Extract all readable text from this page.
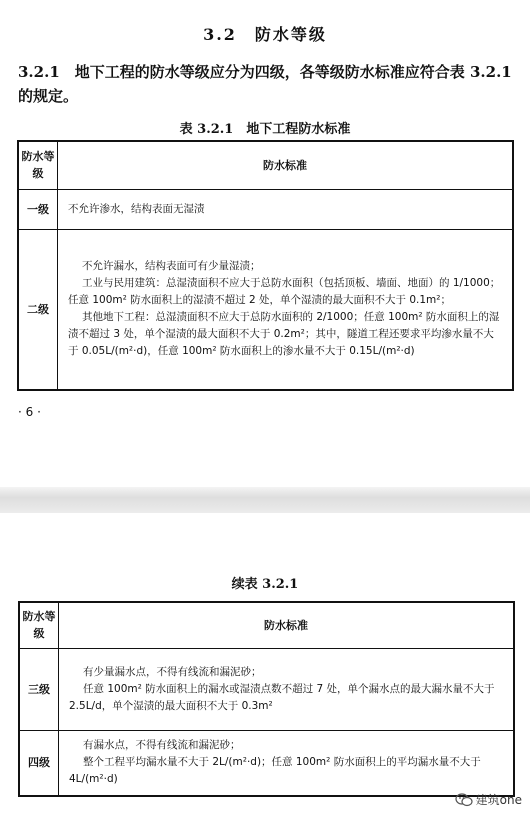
3.2　防水等级
3.2.1　地下工程的防水等级应分为四级，各等级防水标准应符合表 3.2.1 的规定。
表 3.2.1　地下工程防水标准
防水等级	防水标准
一级	不允许渗水，结构表面无湿渍

二级	不允许漏水，结构表面可有少量湿渍；

工业与民用建筑：总湿渍面积不应大于总防水面积（包括顶板、墙面、地面）的 1/1000；任意 100m² 防水面积上的湿渍不超过 2 处，单个湿渍的最大面积不大于 0.1m²；

其他地下工程：总湿渍面积不应大于总防水面积的 2/1000；任意 100m² 防水面积上的湿渍不超过 3 处，单个湿渍的最大面积不大于 0.2m²；其中，隧道工程还要求平均渗水量不大于 0.05L/(m²·d)，任意 100m² 防水面积上的渗水量不大于 0.15L/(m²·d)

· 6 ·
续表 3.2.1
防水等级	防水标准
三级	有少量漏水点，不得有线流和漏泥砂；

任意 100m² 防水面积上的漏水或湿渍点数不超过 7 处，单个漏水点的最大漏水量不大于 2.5L/d，单个湿渍的最大面积不大于 0.3m²

四级	有漏水点，不得有线流和漏泥砂；

整个工程平均漏水量不大于 2L/(m²·d)；任意 100m² 防水面积上的平均漏水量不大于 4L/(m²·d)

建筑one
